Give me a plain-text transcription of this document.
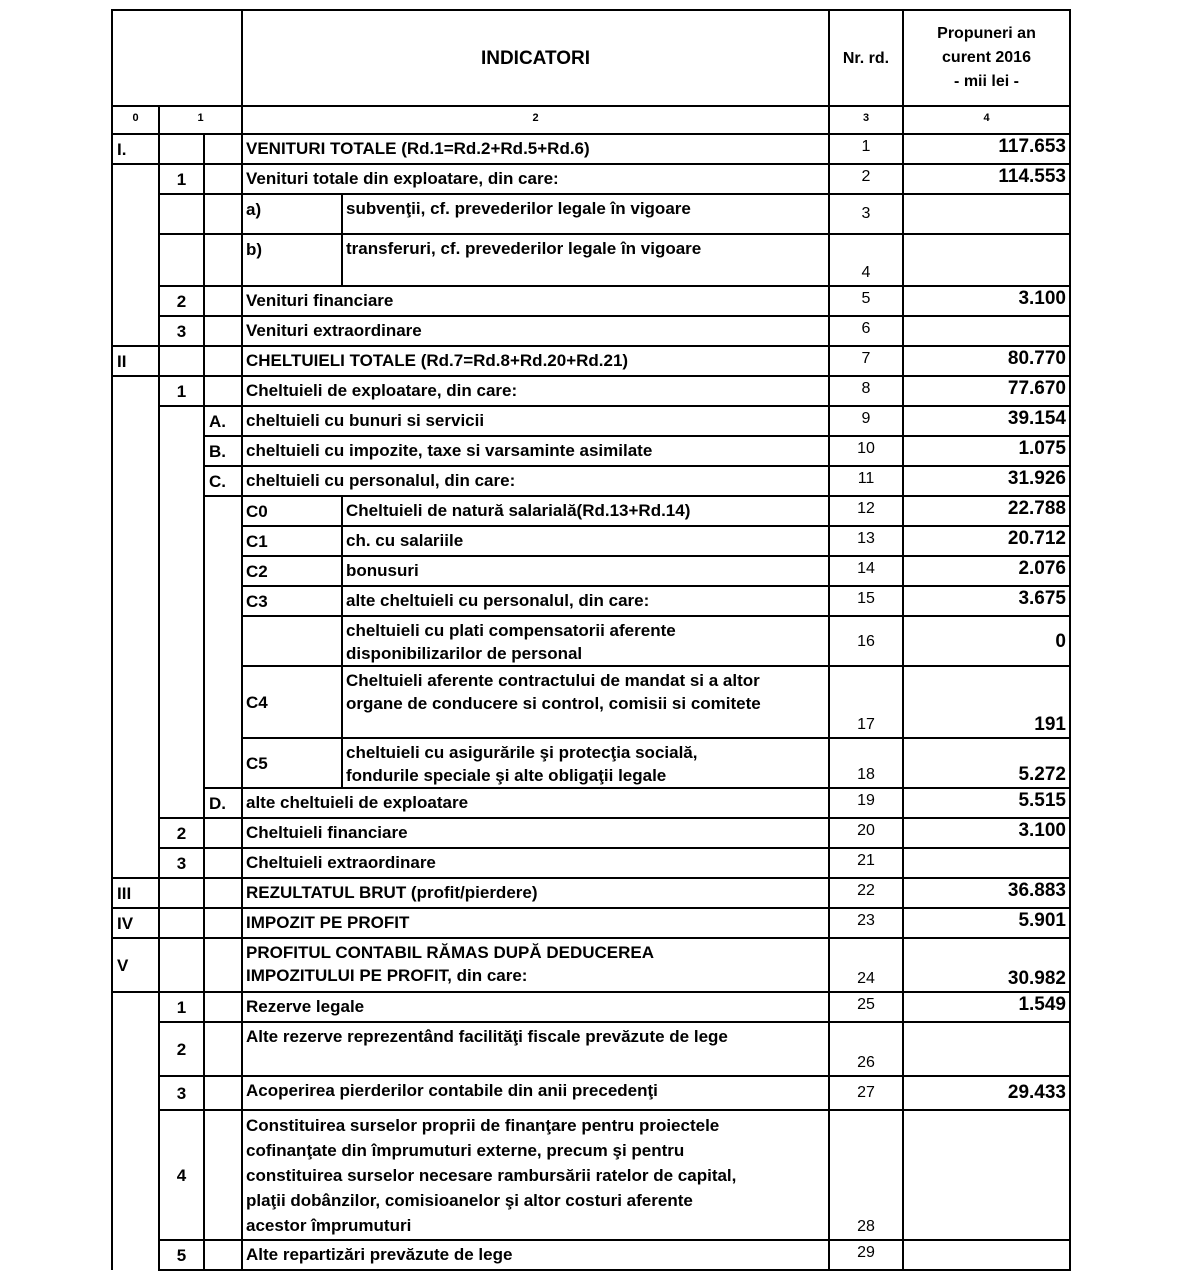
			INDICATORI		Nr. rd.	Propuneri an
curent 2016
- mii lei -

0	1		2		3	4
I.			VENITURI TOTALE (Rd.1=Rd.2+Rd.5+Rd.6)		1	117.653
	1		Venituri totale din exploatare, din care:		2	114.553
			a)	subvenţii, cf. prevederilor legale în vigoare	3	
			b)	transferuri, cf. prevederilor legale în vigoare	4	
	2		Venituri financiare		5	3.100
	3		Venituri extraordinare		6	
II			CHELTUIELI TOTALE (Rd.7=Rd.8+Rd.20+Rd.21)		7	80.770
	1		Cheltuieli de exploatare, din care:		8	77.670
		A.	cheltuieli cu bunuri si servicii		9	39.154
		B.	cheltuieli cu impozite, taxe si varsaminte asimilate		10	1.075
		C.	cheltuieli cu personalul, din care:		11	31.926
			C0	Cheltuieli de natură salarială(Rd.13+Rd.14)	12	22.788
			C1	ch. cu salariile	13	20.712
			C2	bonusuri	14	2.076
			C3	alte cheltuieli cu personalul, din care:	15	3.675

				cheltuieli cu plati compensatorii aferente
disponibilizarilor de personal	16	0
			C4	Cheltuieli aferente contractului de mandat si a altor
organe de conducere si control, comisii si comitete	17	191
			C5	cheltuieli cu asigurările şi protecţia socială,
fondurile speciale şi alte obligaţii legale	18	5.272
		D.	alte cheltuieli de exploatare		19	5.515
	2		Cheltuieli financiare		20	3.100
	3		Cheltuieli extraordinare		21	
III			REZULTATUL BRUT (profit/pierdere)		22	36.883
IV			IMPOZIT PE PROFIT		23	5.901
V			PROFITUL CONTABIL RĂMAS DUPĂ DEDUCEREA
IMPOZITULUI PE PROFIT, din care:		24	30.982
	1		Rezerve legale		25	1.549
	2		Alte rezerve reprezentând facilităţi fiscale prevăzute de lege		26	
	3		Acoperirea pierderilor contabile din anii precedenţi		27	29.433
	4		Constituirea surselor proprii de finanţare pentru proiectele
cofinanţate din împrumuturi externe, precum şi pentru
constituirea surselor necesare rambursării ratelor de capital,
plaţii dobânzilor, comisioanelor şi altor costuri aferente
acestor împrumuturi		28	
	5		Alte repartizări prevăzute de lege		29	
